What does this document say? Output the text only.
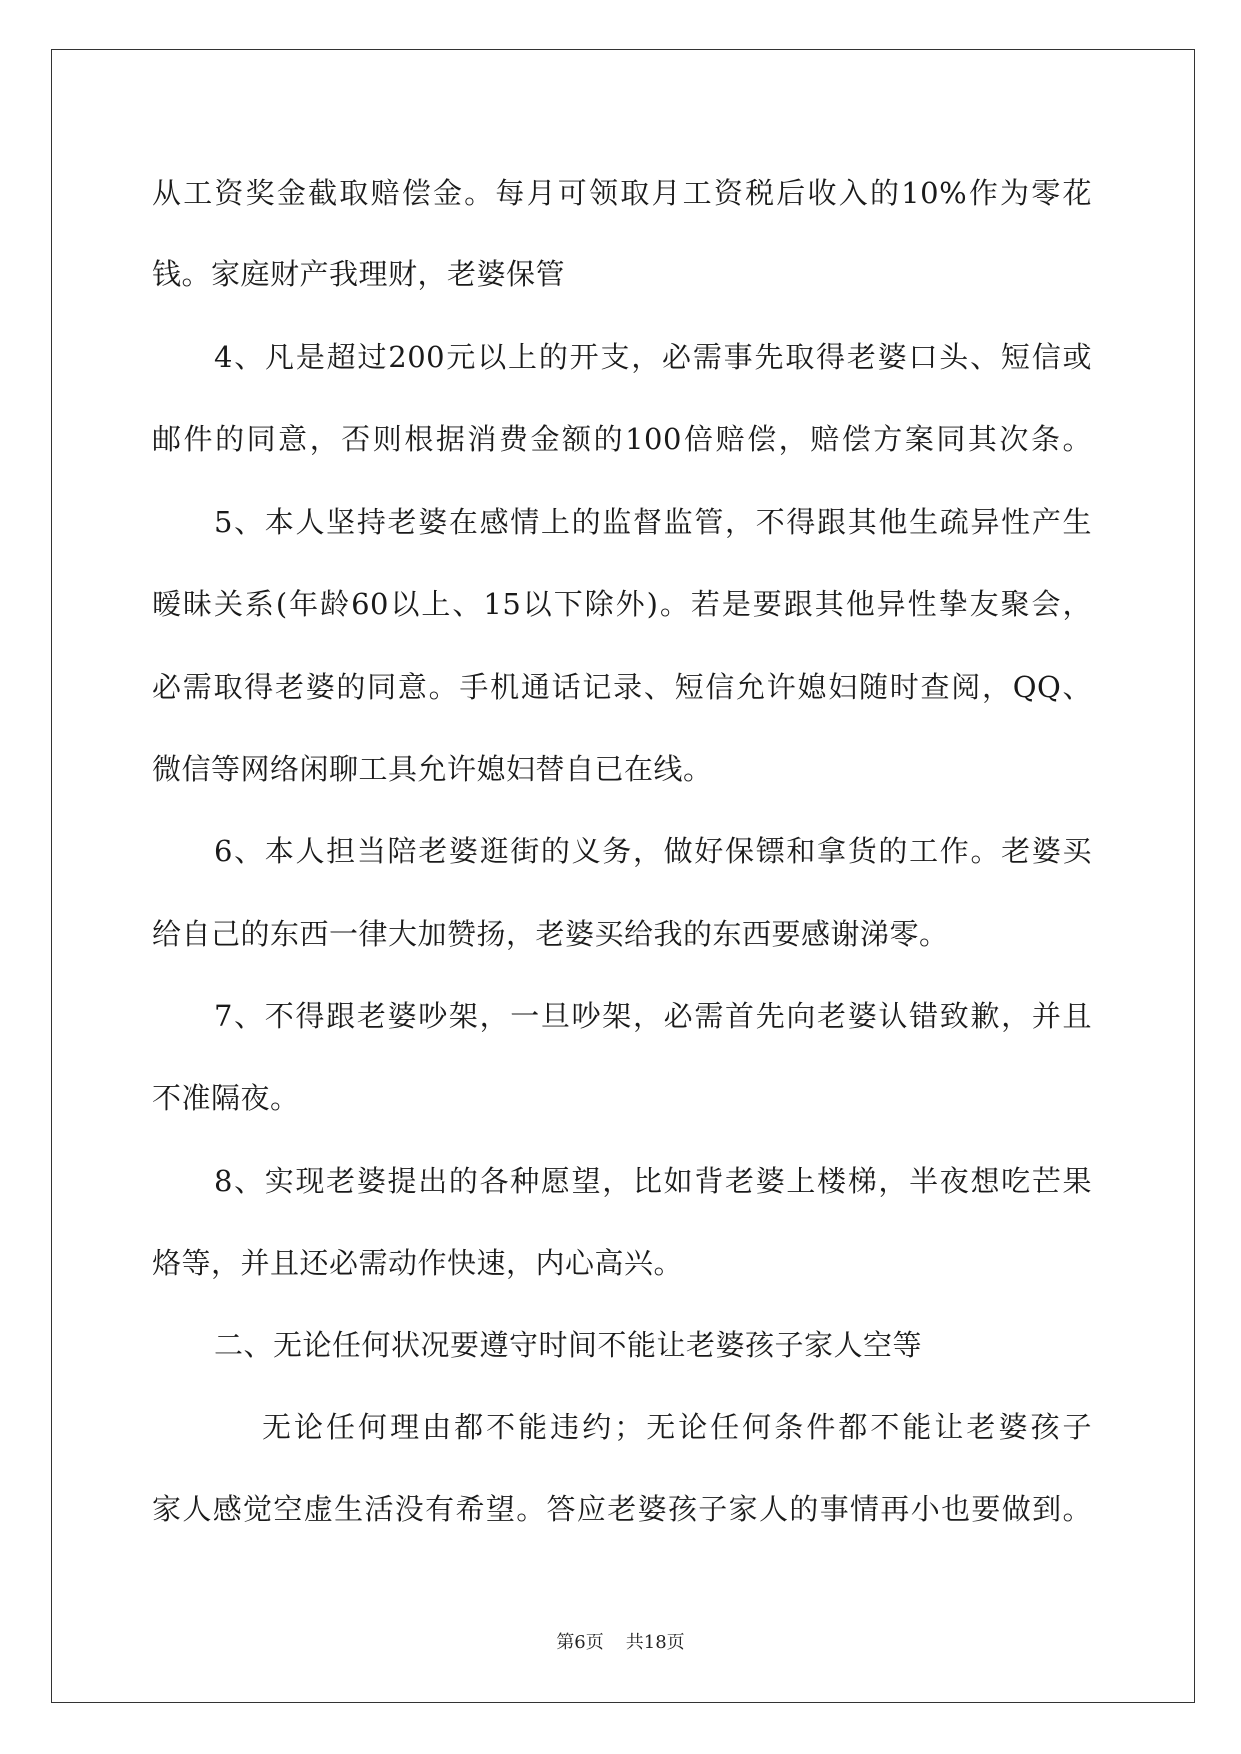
从工资奖金截取赔偿金。每月可领取月工资税后收入的10%作为零花
钱。家庭财产我理财，老婆保管
4、凡是超过200元以上的开支，必需事先取得老婆口头、短信或
邮件的同意，否则根据消费金额的100倍赔偿，赔偿方案同其次条。
5、本人坚持老婆在感情上的监督监管，不得跟其他生疏异性产生
暧昧关系(年龄60以上、15以下除外)。若是要跟其他异性挚友聚会，
必需取得老婆的同意。手机通话记录、短信允许媳妇随时查阅，QQ、
微信等网络闲聊工具允许媳妇替自已在线。
6、本人担当陪老婆逛街的义务，做好保镖和拿货的工作。老婆买
给自己的东西一律大加赞扬，老婆买给我的东西要感谢涕零。
7、不得跟老婆吵架，一旦吵架，必需首先向老婆认错致歉，并且
不准隔夜。
8、实现老婆提出的各种愿望，比如背老婆上楼梯，半夜想吃芒果
烙等，并且还必需动作快速，内心高兴。
二、无论任何状况要遵守时间不能让老婆孩子家人空等
无论任何理由都不能违约；无论任何条件都不能让老婆孩子
家人感觉空虚生活没有希望。答应老婆孩子家人的事情再小也要做到。
第6页 共18页
